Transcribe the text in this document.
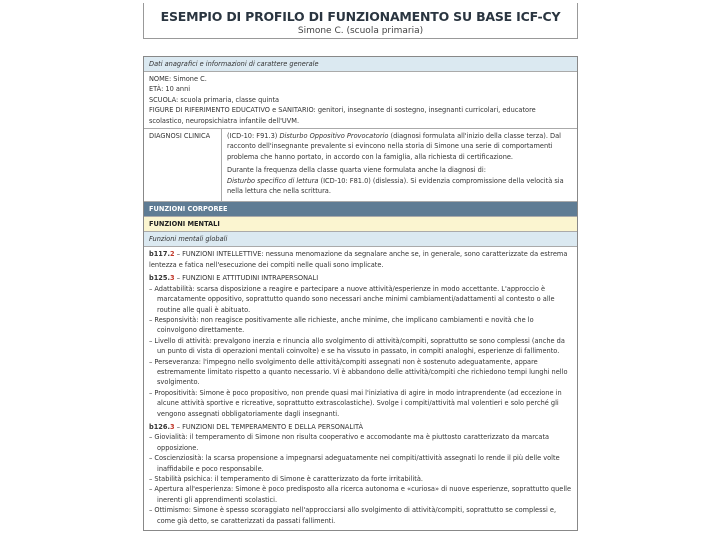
ESEMPIO DI PROFILO DI FUNZIONAMENTO SU BASE ICF-CY
Simone C. (scuola primaria)
Dati anagrafici e informazioni di carattere generale
NOME: Simone C.
ETÀ: 10 anni
SCUOLA: scuola primaria, classe quinta
FIGURE DI RIFERIMENTO EDUCATIVO e SANITARIO: genitori, insegnante di sostegno, insegnanti curricolari, educatore scolastico, neuropsichiatra infantile dell'UVM.
DIAGNOSI CLINICA	(ICD-10: F91.3) Disturbo Oppositivo Provocatorio (diagnosi formulata all'inizio della classe terza). Dal racconto dell'insegnante prevalente si evincono nella storia di Simone una serie di comportamenti problema che hanno portato, in accordo con la famiglia, alla richiesta di certificazione.

Durante la frequenza della classe quarta viene formulata anche la diagnosi di:
Disturbo specifico di lettura (ICD-10: F81.0) (dislessia). Si evidenzia compromissione della velocità sia nella lettura che nella scrittura.

FUNZIONI CORPOREE
FUNZIONI MENTALI
Funzioni mentali globali
b117.2 – FUNZIONI INTELLETTIVE: nessuna menomazione da segnalare anche se, in generale, sono caratterizzate da estrema lentezza e fatica nell'esecuzione dei compiti nelle quali sono implicate.
b125.3 – FUNZIONI E ATTITUDINI INTRAPERSONALI
– Adattabilità: scarsa disposizione a reagire e partecipare a nuove attività/esperienze in modo accettante. L'approccio è marcatamente oppositivo, soprattutto quando sono necessari anche minimi cambiamenti/adattamenti al contesto o alle routine alle quali è abituato.
– Responsività: non reagisce positivamente alle richieste, anche minime, che implicano cambiamenti e novità che lo coinvolgono direttamente.
– Livello di attività: prevalgono inerzia e rinuncia allo svolgimento di attività/compiti, soprattutto se sono complessi (anche da un punto di vista di operazioni mentali coinvolte) e se ha vissuto in passato, in compiti analoghi, esperienze di fallimento.
– Perseveranza: l'impegno nello svolgimento delle attività/compiti assegnati non è sostenuto adeguatamente, appare estremamente limitato rispetto a quanto necessario. Vi è abbandono delle attività/compiti che richiedono tempi lunghi nello svolgimento.
– Propositività: Simone è poco propositivo, non prende quasi mai l'iniziativa di agire in modo intraprendente (ad eccezione in alcune attività sportive e ricreative, soprattutto extrascolastiche). Svolge i compiti/attività mal volentieri e solo perché gli vengono assegnati obbligatoriamente dagli insegnanti.
b126.3 – FUNZIONI DEL TEMPERAMENTO E DELLA PERSONALITÀ
– Giovialità: il temperamento di Simone non risulta cooperativo e accomodante ma è piuttosto caratterizzato da marcata opposizione.
– Coscienziosità: la scarsa propensione a impegnarsi adeguatamente nei compiti/attività assegnati lo rende il più delle volte inaffidabile e poco responsabile.
– Stabilità psichica: il temperamento di Simone è caratterizzato da forte irritabilità.
– Apertura all'esperienza: Simone è poco predisposto alla ricerca autonoma e «curiosa» di nuove esperienze, soprattutto quelle inerenti gli apprendimenti scolastici.
– Ottimismo: Simone è spesso scoraggiato nell'approcciarsi allo svolgimento di attività/compiti, soprattutto se complessi e, come già detto, se caratterizzati da passati fallimenti.
